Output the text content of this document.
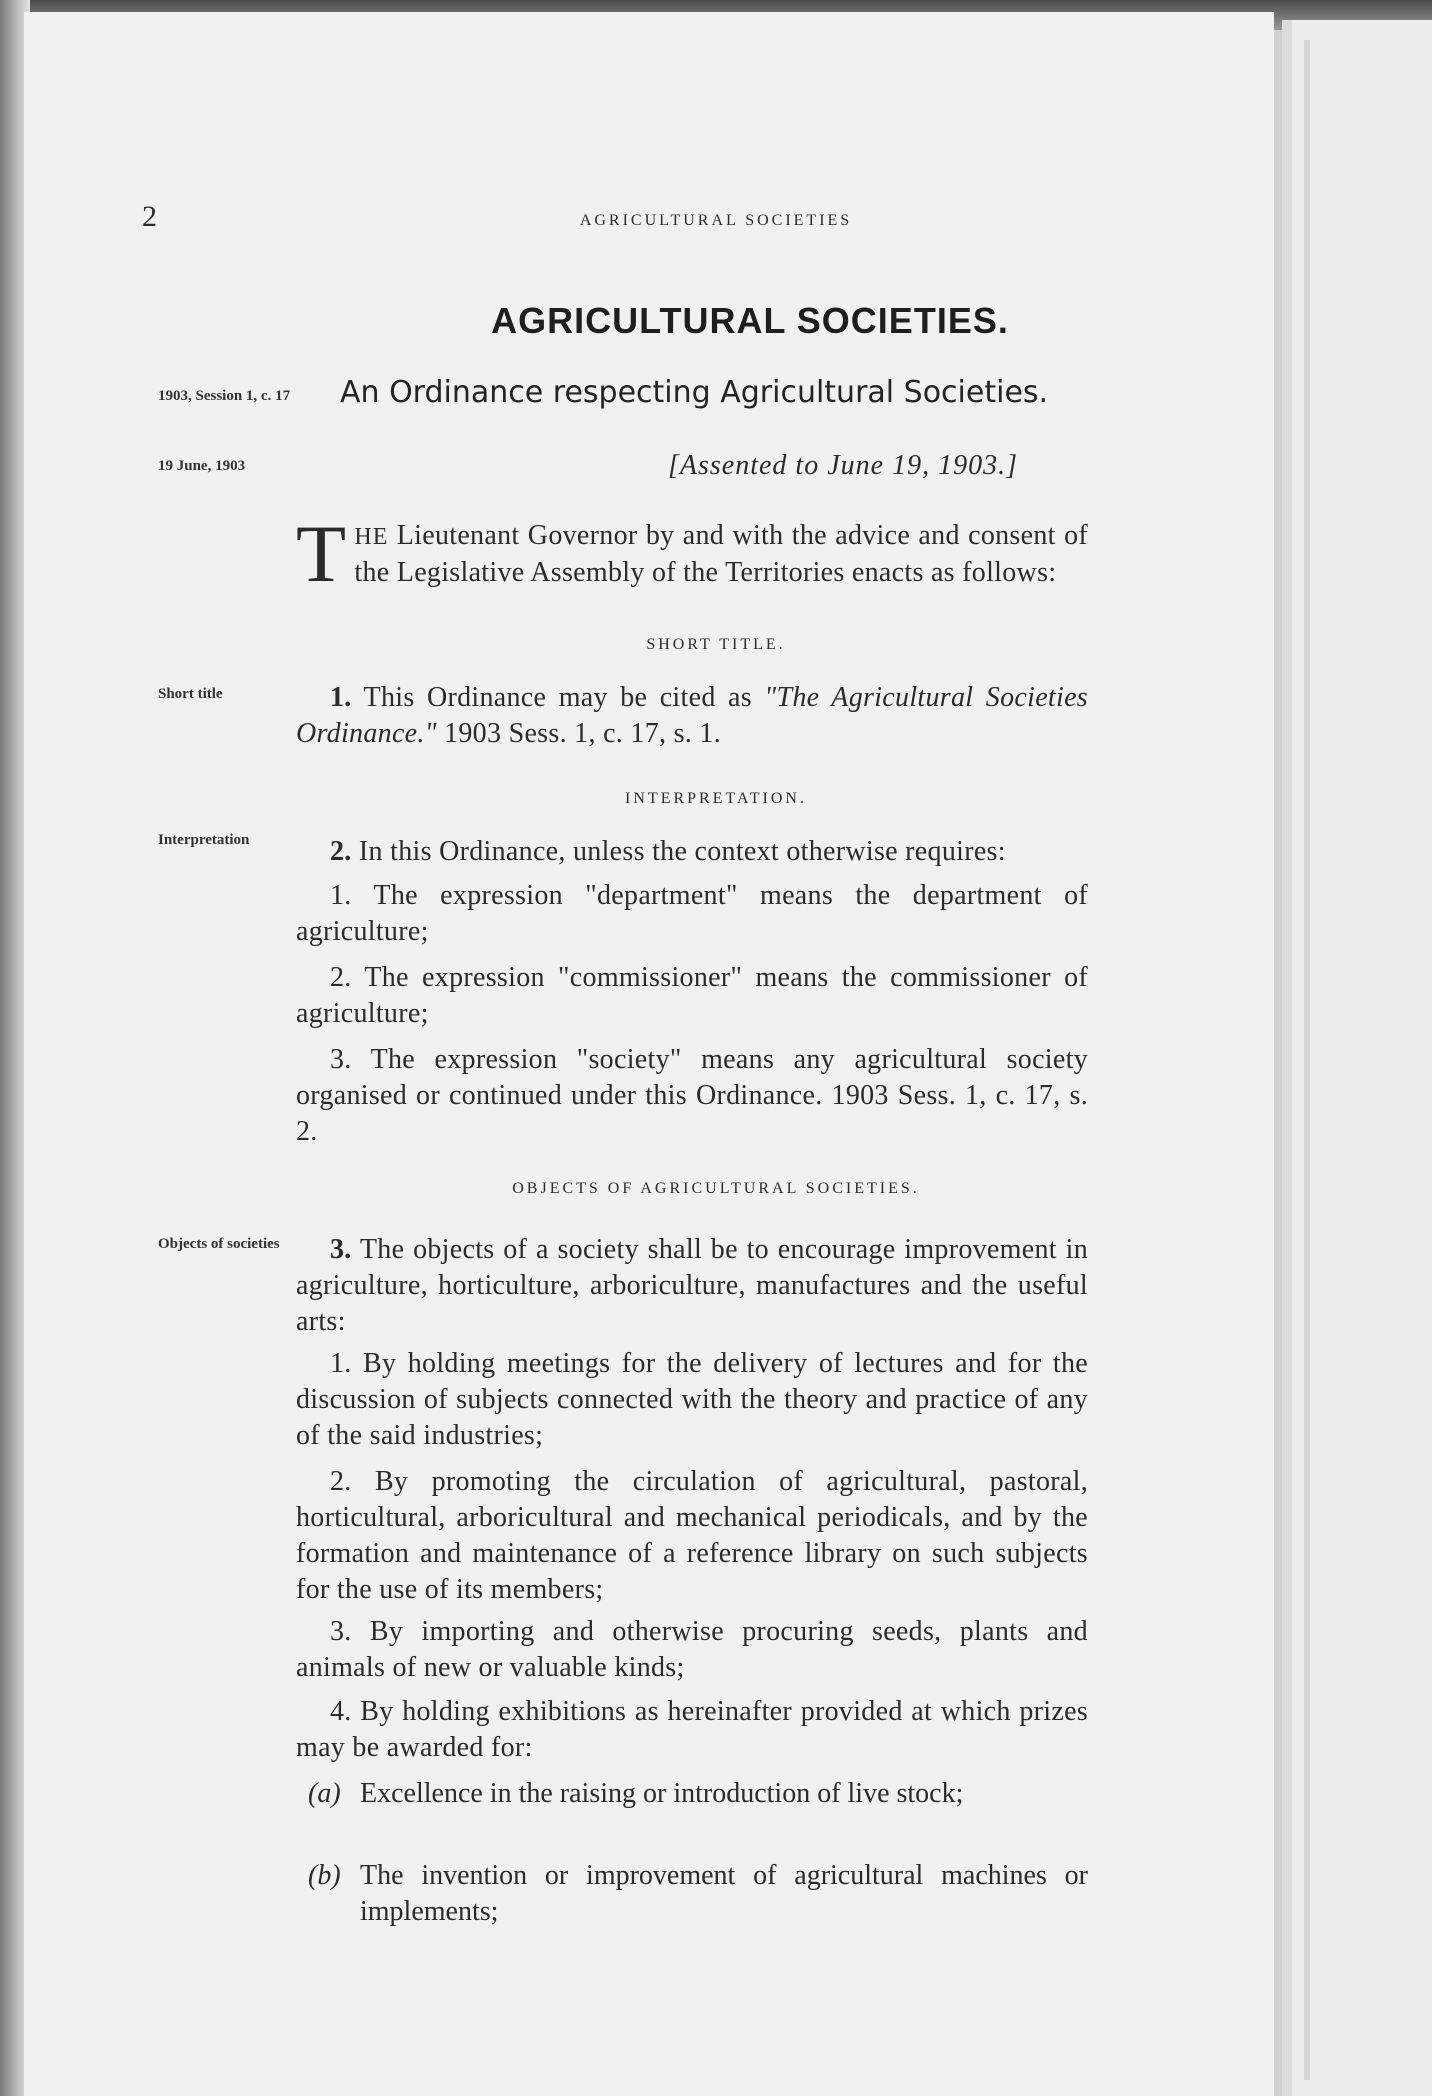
2	AGRICULTURAL SOCIETIES
AGRICULTURAL SOCIETIES.
1903, Session 1, c. 17 An Ordinance respecting Agricultural Societies.
19 June, 1903	[Assented to June 19, 1903.]
THE Lieutenant Governor by and with the advice and consent of the Legislative Assembly of the Territories enacts as follows:
SHORT TITLE.
Short title	1. This Ordinance may be cited as "The Agricultural Societies Ordinance." 1903 Sess. 1, c. 17, s. 1.
INTERPRETATION.
Interpretation	2. In this Ordinance, unless the context otherwise requires:
1. The expression "department" means the department of agriculture;
2. The expression "commissioner" means the commissioner of agriculture;
3. The expression "society" means any agricultural society organised or continued under this Ordinance. 1903 Sess. 1, c. 17, s. 2.
OBJECTS OF AGRICULTURAL SOCIETIES.
Objects of societies	3. The objects of a society shall be to encourage improvement in agriculture, horticulture, arboriculture, manufactures and the useful arts:
1. By holding meetings for the delivery of lectures and for the discussion of subjects connected with the theory and practice of any of the said industries;
2. By promoting the circulation of agricultural, pastoral, horticultural, arboricultural and mechanical periodicals, and by the formation and maintenance of a reference library on such subjects for the use of its members;
3. By importing and otherwise procuring seeds, plants and animals of new or valuable kinds;
4. By holding exhibitions as hereinafter provided at which prizes may be awarded for:
(a) Excellence in the raising or introduction of live stock;
(b) The invention or improvement of agricultural machines or implements;
